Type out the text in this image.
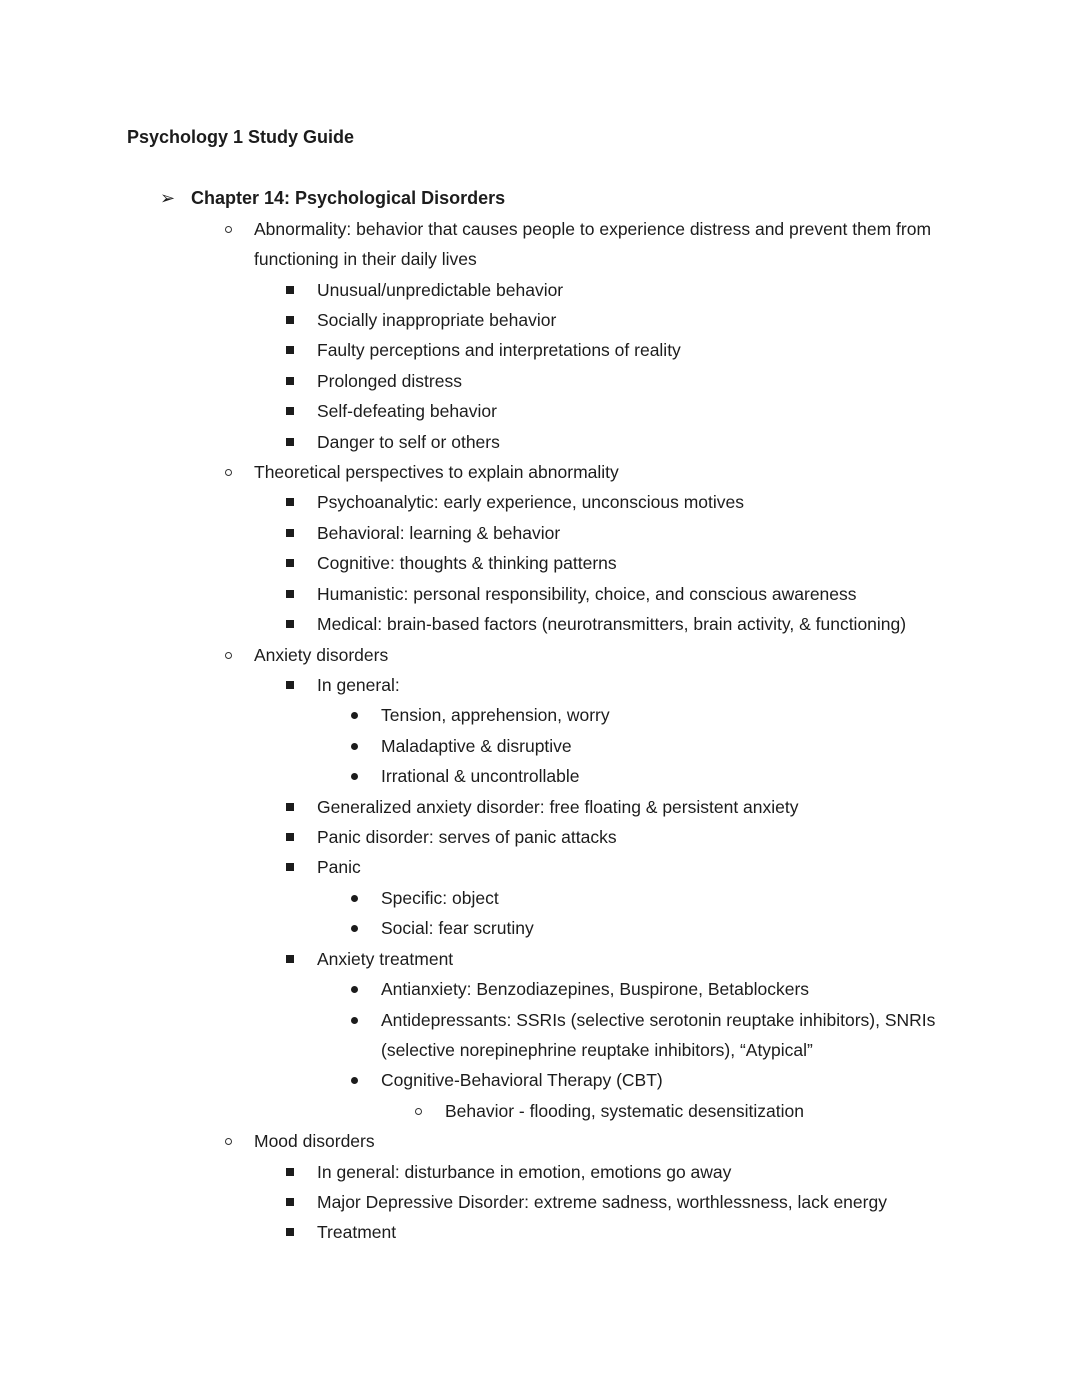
Psychology 1 Study Guide
➢ Chapter 14: Psychological Disorders
Abnormality: behavior that causes people to experience distress and prevent them from
functioning in their daily lives
Unusual/unpredictable behavior
Socially inappropriate behavior
Faulty perceptions and interpretations of reality
Prolonged distress
Self-defeating behavior
Danger to self or others
Theoretical perspectives to explain abnormality
Psychoanalytic: early experience, unconscious motives
Behavioral: learning & behavior
Cognitive: thoughts & thinking patterns
Humanistic: personal responsibility, choice, and conscious awareness
Medical: brain-based factors (neurotransmitters, brain activity, & functioning)
Anxiety disorders
In general:
Tension, apprehension, worry
Maladaptive & disruptive
Irrational & uncontrollable
Generalized anxiety disorder: free floating & persistent anxiety
Panic disorder: serves of panic attacks
Panic
Specific: object
Social: fear scrutiny
Anxiety treatment
Antianxiety: Benzodiazepines, Buspirone, Betablockers
Antidepressants: SSRIs (selective serotonin reuptake inhibitors), SNRIs
(selective norepinephrine reuptake inhibitors), “Atypical”
Cognitive-Behavioral Therapy (CBT)
Behavior - flooding, systematic desensitization
Mood disorders
In general: disturbance in emotion, emotions go away
Major Depressive Disorder: extreme sadness, worthlessness, lack energy
Treatment
